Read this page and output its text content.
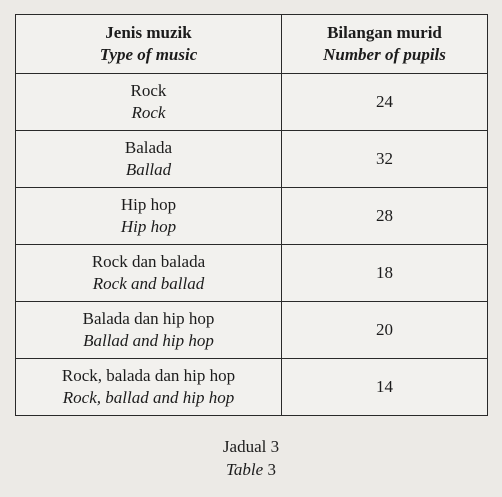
Jenis muzik
Type of music	Bilangan murid
Number of pupils

Rock
Rock	24

Balada
Ballad	32

Hip hop
Hip hop	28

Rock dan balada
Rock and ballad	18

Balada dan hip hop
Ballad and hip hop	20

Rock, balada dan hip hop
Rock, ballad and hip hop	14
Jadual 3
Table 3
